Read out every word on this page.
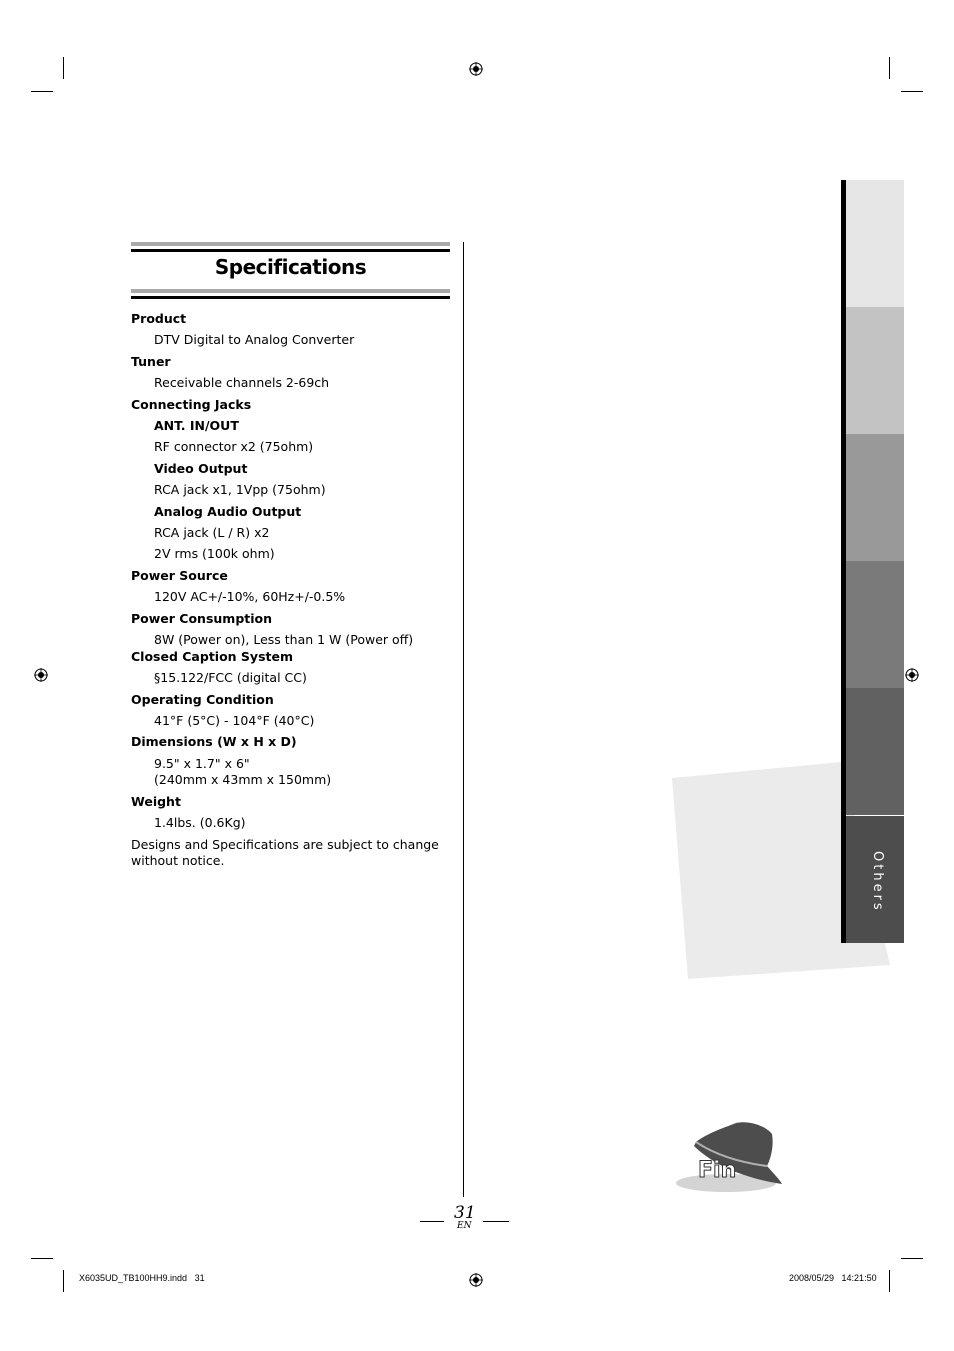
Specifications
Product
DTV Digital to Analog Converter
Tuner
Receivable channels 2-69ch
Connecting Jacks
ANT. IN/OUT
RF connector x2 (75ohm)
Video Output
RCA jack x1, 1Vpp (75ohm)
Analog Audio Output
RCA jack (L / R) x2
2V rms (100k ohm)
Power Source
120V AC+/-10%, 60Hz+/-0.5%
Power Consumption
8W (Power on), Less than 1 W (Power off)
Closed Caption System
§15.122/FCC (digital CC)
Operating Condition
41°F (5°C) - 104°F (40°C)
Dimensions (W x H x D)
9.5" x 1.7" x 6"
(240mm x 43mm x 150mm)
Weight
1.4lbs. (0.6Kg)
Designs and Specifications are subject to change
without notice.	Others
Fin
31
EN
X6035UD_TB100HH9.indd   31	2008/05/29   14:21:50
